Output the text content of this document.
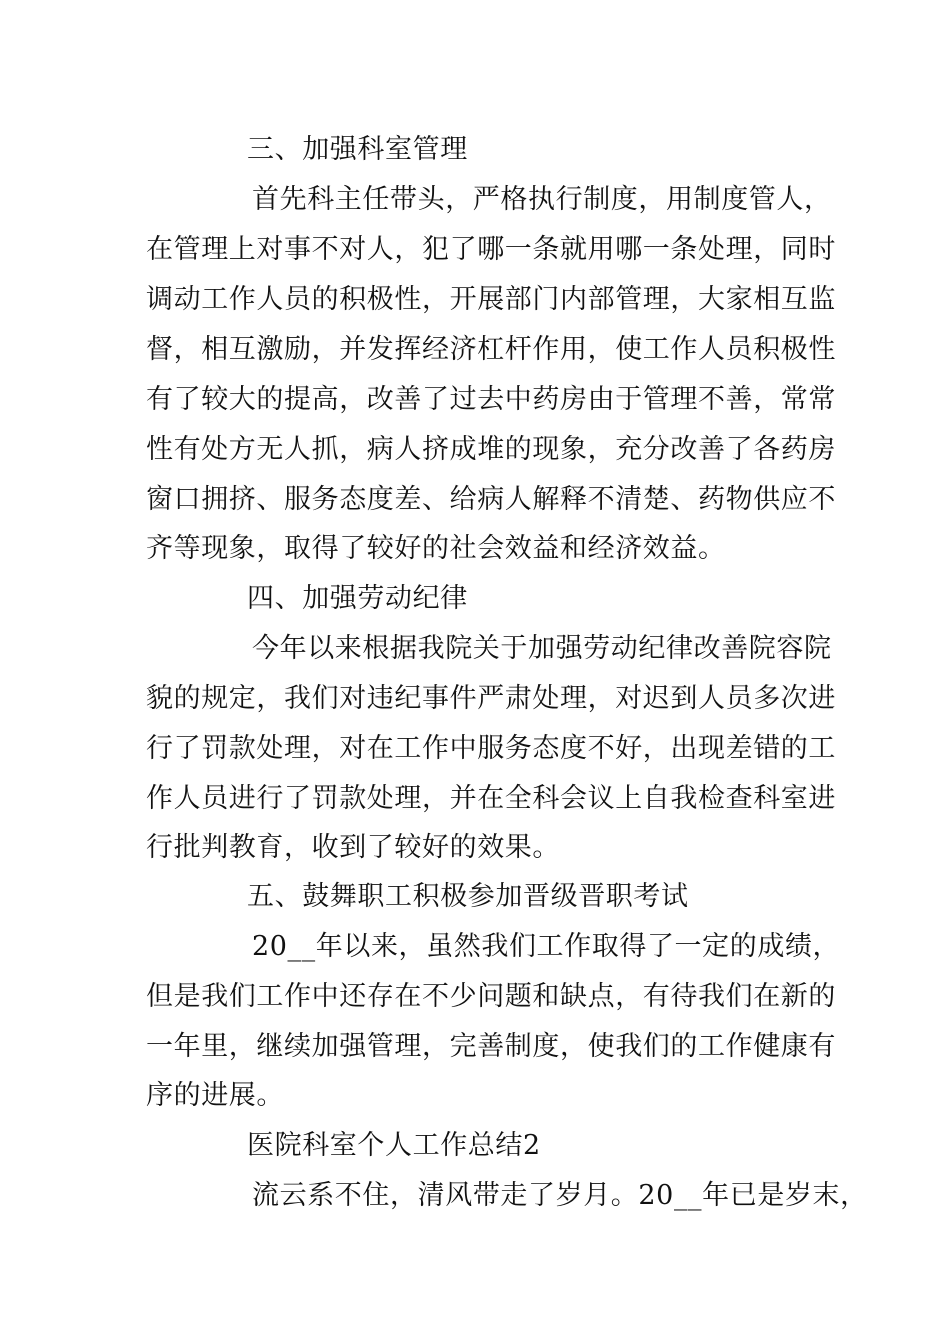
三、加强科室管理
首先科主任带头，严格执行制度，用制度管人，
在管理上对事不对人，犯了哪一条就用哪一条处理，同时
调动工作人员的积极性，开展部门内部管理，大家相互监
督，相互激励，并发挥经济杠杆作用，使工作人员积极性
有了较大的提高，改善了过去中药房由于管理不善，常常
性有处方无人抓，病人挤成堆的现象，充分改善了各药房
窗口拥挤、服务态度差、给病人解释不清楚、药物供应不
齐等现象，取得了较好的社会效益和经济效益。
四、加强劳动纪律
今年以来根据我院关于加强劳动纪律改善院容院
貌的规定，我们对违纪事件严肃处理，对迟到人员多次进
行了罚款处理，对在工作中服务态度不好，出现差错的工
作人员进行了罚款处理，并在全科会议上自我检查科室进
行批判教育，收到了较好的效果。
五、鼓舞职工积极参加晋级晋职考试
20__年以来，虽然我们工作取得了一定的成绩，
但是我们工作中还存在不少问题和缺点，有待我们在新的
一年里，继续加强管理，完善制度，使我们的工作健康有
序的进展。
医院科室个人工作总结2
流云系不住，清风带走了岁月。20__年已是岁末，
